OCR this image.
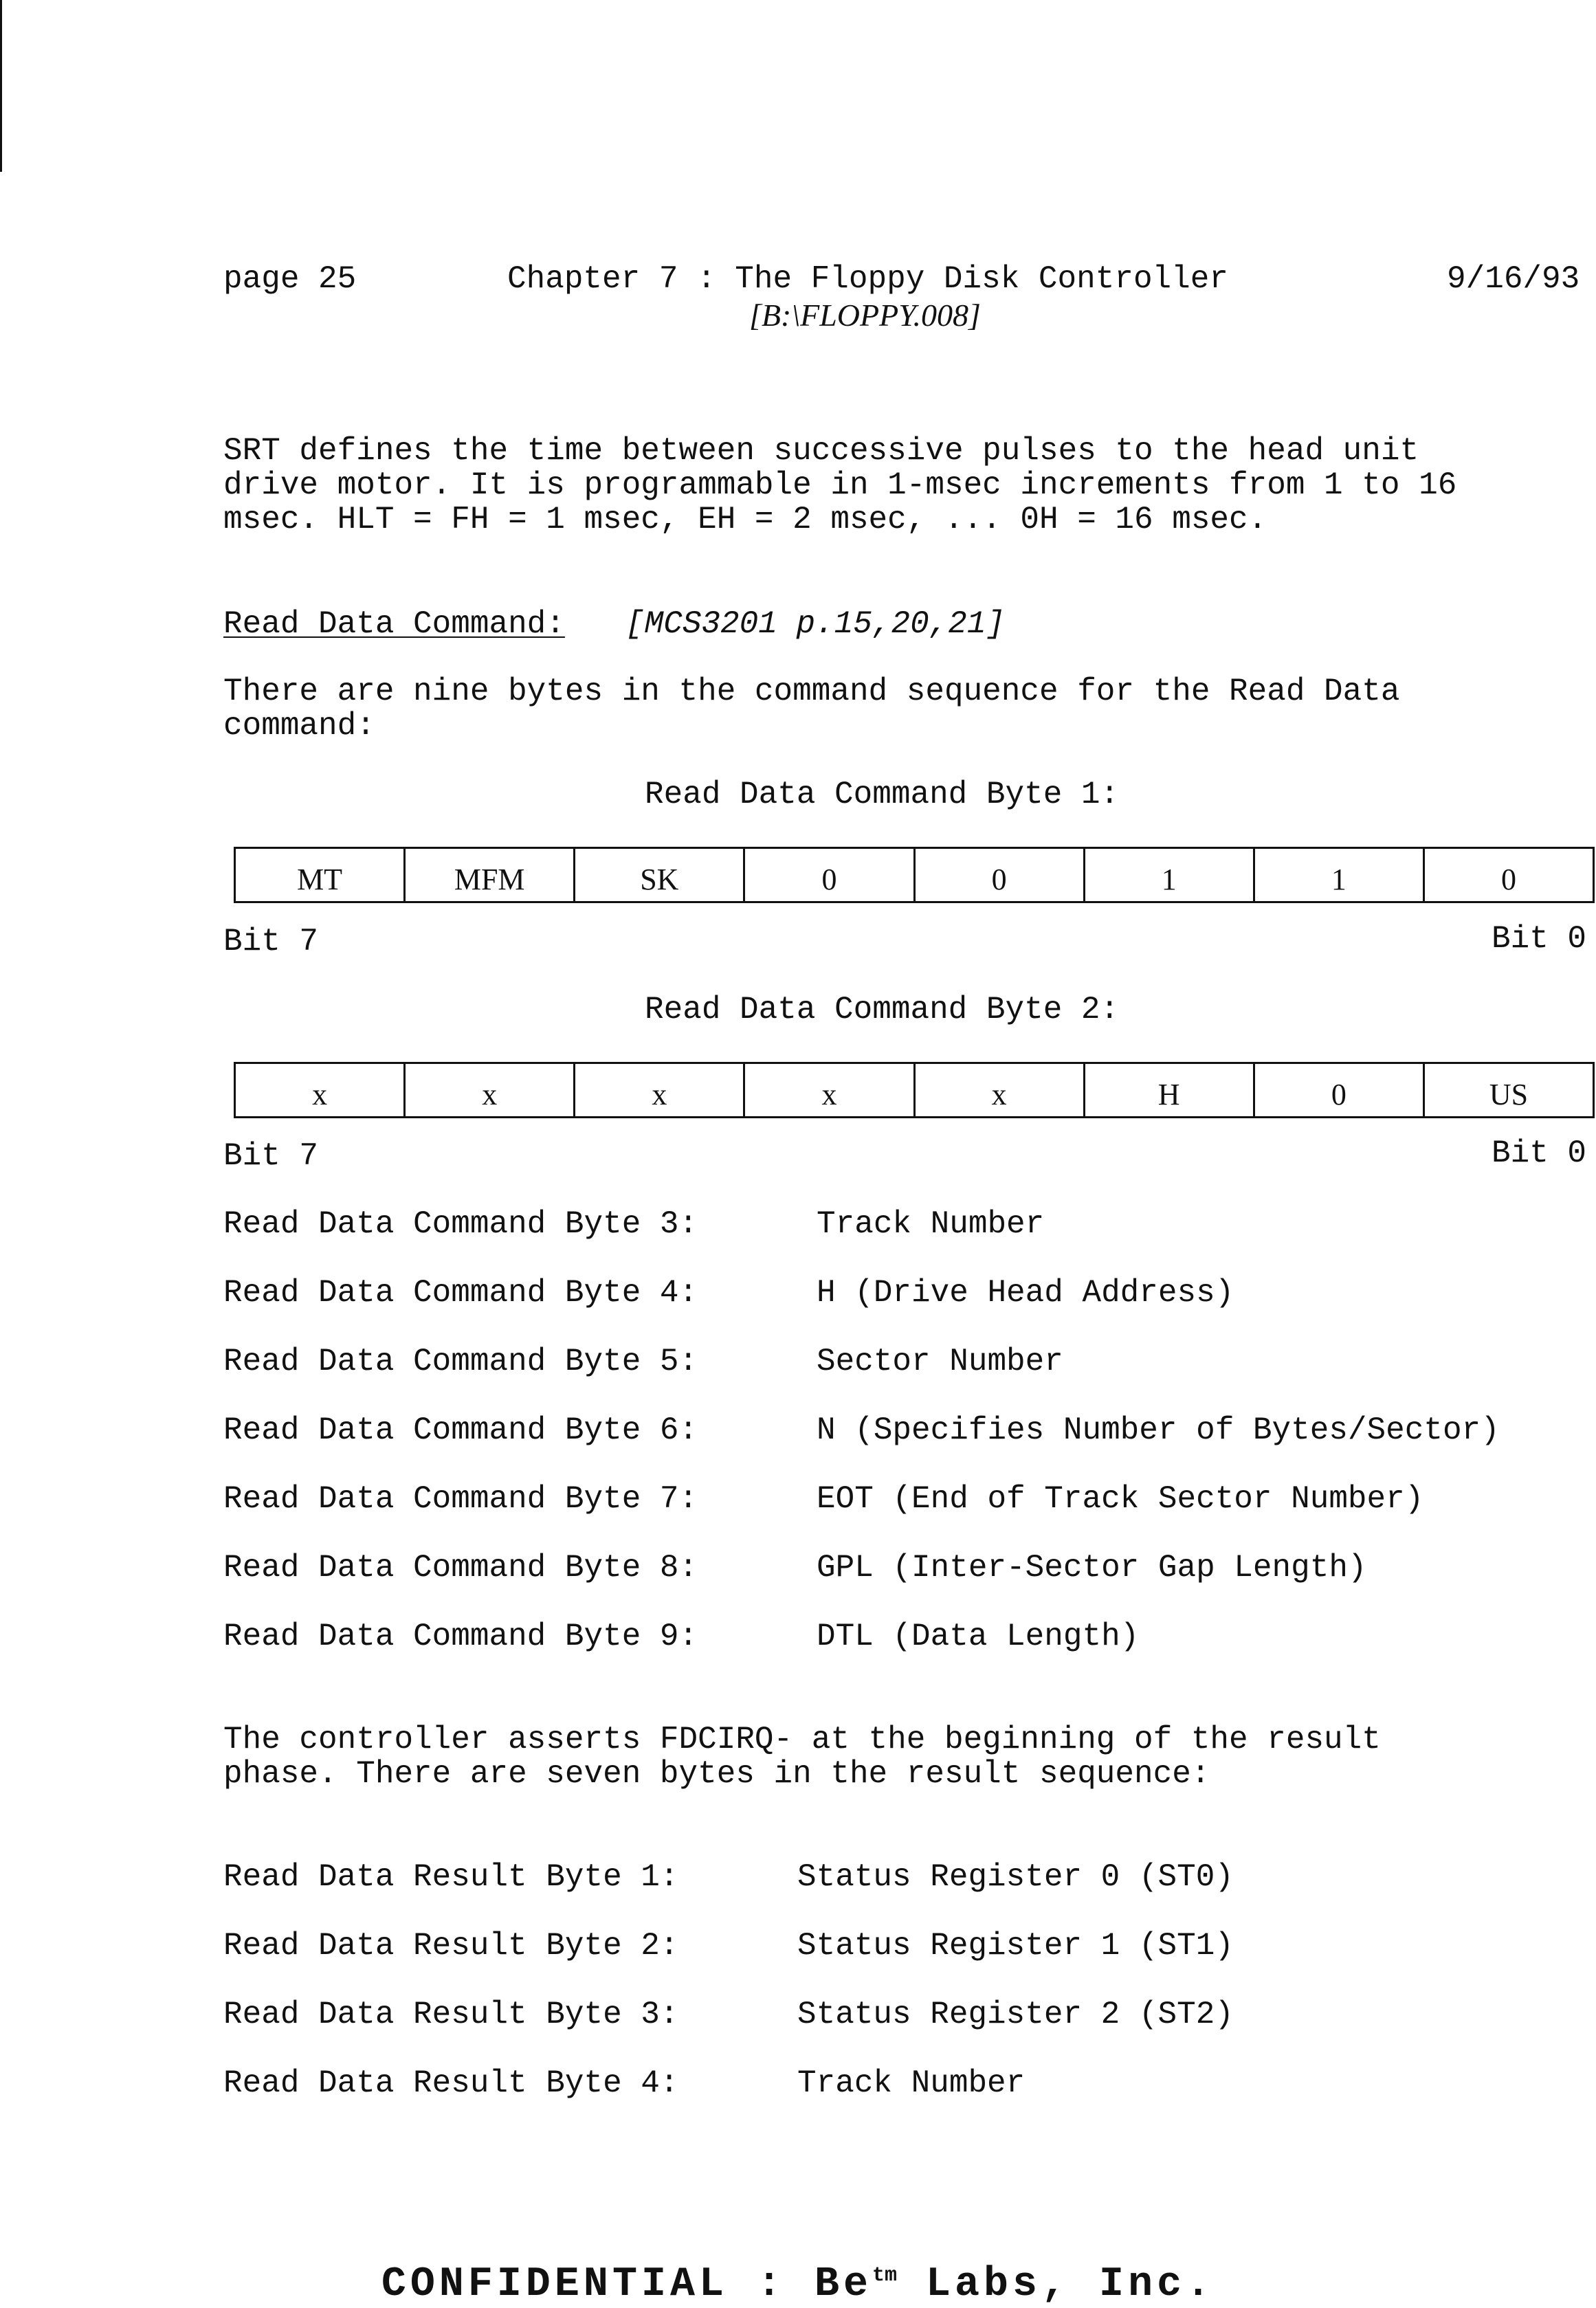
page 25	Chapter 7 : The Floppy Disk Controller	9/16/93
[B:\FLOPPY.008]
SRT defines the time between successive pulses to the head unit
drive motor. It is programmable in 1-msec increments from 1 to 16
msec. HLT = FH = 1 msec, EH = 2 msec, ... 0H = 16 msec.
Read Data Command: [MCS3201 p.15,20,21]
There are nine bytes in the command sequence for the Read Data
command:
Read Data Command Byte 1:
MT	MFM	SK	0	0	1	1	0
Bit 7	Bit 0
Read Data Command Byte 2:
x	x	x	x	x	H	0	US
Bit 7	Bit 0
Read Data Command Byte 3:	Track Number
Read Data Command Byte 4:	H (Drive Head Address)
Read Data Command Byte 5:	Sector Number
Read Data Command Byte 6:	N (Specifies Number of Bytes/Sector)
Read Data Command Byte 7:	EOT (End of Track Sector Number)
Read Data Command Byte 8:	GPL (Inter-Sector Gap Length)
Read Data Command Byte 9:	DTL (Data Length)
The controller asserts FDCIRQ- at the beginning of the result
phase. There are seven bytes in the result sequence:
Read Data Result Byte 1:	Status Register 0 (ST0)
Read Data Result Byte 2:	Status Register 1 (ST1)
Read Data Result Byte 3:	Status Register 2 (ST2)
Read Data Result Byte 4:	Track Number
CONFIDENTIAL : $Be^{tm}$ Labs, Inc.
